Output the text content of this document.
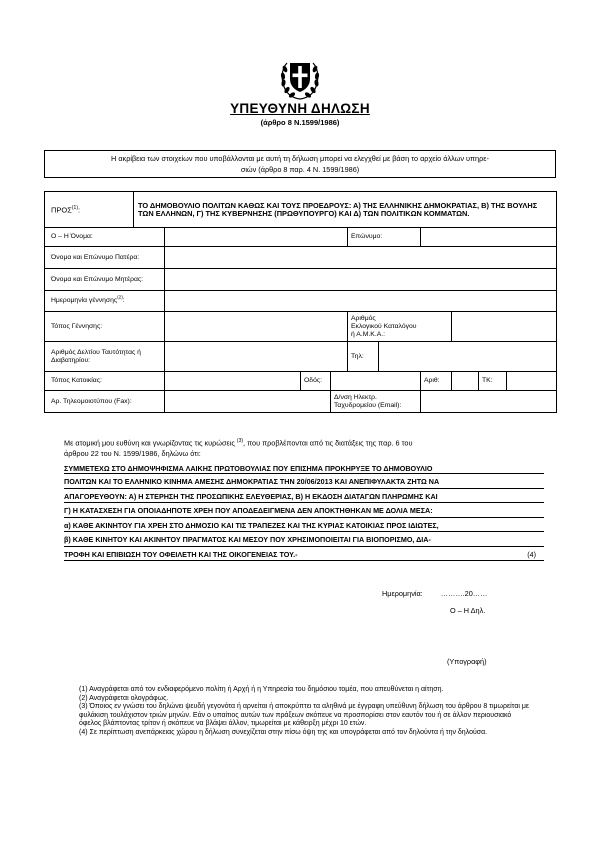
ΥΠΕΥΘΥΝΗ ΔΗΛΩΣΗ
(άρθρο 8 Ν.1599/1986)
Η ακρίβεια των στοιχείων που υποβάλλονται με αυτή τη δήλωση μπορεί να ελεγχθεί με βάση το αρχείο άλλων υπηρε-
σιών (άρθρο 8 παρ. 4 Ν. 1599/1986)
ΠΡΟΣ$^{(1)}$:	ΤΟ ΔΗΜΟΒΟΥΛΙΟ ΠΟΛΙΤΩΝ ΚΑΘΩΣ ΚΑΙ ΤΟΥΣ ΠΡΟΕΔΡΟΥΣ: Α) ΤΗΣ ΕΛΛΗΝΙΚΗΣ ΔΗΜΟΚΡΑΤΙΑΣ, Β) ΤΗΣ ΒΟΥΛΗΣ ΤΩΝ ΕΛΛΗΝΩΝ, Γ) ΤΗΣ ΚΥΒΕΡΝΗΣΗΣ (ΠΡΩΘΥΠΟΥΡΓΟ) ΚΑΙ Δ) ΤΩΝ ΠΟΛΙΤΙΚΩΝ ΚΟΜΜΑΤΩΝ.									
Ο – Η Όνομα:					Επώνυμο:					
Όνομα και Επώνυμο Πατέρα:										
Όνομα και Επώνυμο Μητέρας:										
Ημερομηνία γέννησης$^{(2)}$:										
Τόπος Γέννησης:					Αριθμός
Εκλογικού Καταλόγου
ή Α.Μ.Κ.Α.:					

Αριθμός Δελτίου Ταυτότητας ή
Διαβατηρίου:					Τηλ:					
Τόπος Κατοικίας:			Οδός:				Αριθ:		ΤΚ:	
Αρ. Τηλεομοιοτύπου (Fax):				Δ/νση Ηλεκτρ.
Ταχυδρομείου (Email):						

Με ατομική μου ευθύνη και γνωρίζοντας τις κυρώσεις $^{(3)}$, που προβλέπονται από τις διατάξεις της παρ. 6 του
άρθρου 22 του Ν. 1599/1986, δηλώνω ότι:
ΣΥΜΜΕΤΕΧΩ ΣΤΟ ΔΗΜΟΨΗΦΙΣΜΑ ΛΑΙΚΗΣ ΠΡΩΤΟΒΟΥΛΙΑΣ ΠΟΥ ΕΠΙΣΗΜΑ ΠΡΟΚΗΡΥΞΕ ΤΟ ΔΗΜΟΒΟΥΛΙΟ
ΠΟΛΙΤΩΝ ΚΑΙ ΤΟ ΕΛΛΗΝΙΚΟ ΚΙΝΗΜΑ ΑΜΕΣΗΣ ΔΗΜΟΚΡΑΤΙΑΣ ΤΗΝ 20/06/2013 ΚΑΙ ΑΝΕΠΙΦΥΛΑΚΤΑ ΖΗΤΩ ΝΑ
ΑΠΑΓΟΡΕΥΘΟΥΝ: Α) Η ΣΤΕΡΗΣΗ ΤΗΣ ΠΡΟΣΩΠΙΚΗΣ ΕΛΕΥΘΕΡΙΑΣ, Β) Η ΕΚΔΟΣΗ ΔΙΑΤΑΓΩΝ ΠΛΗΡΩΜΗΣ ΚΑΙ
Γ) Η ΚΑΤΑΣΧΕΣΗ ΓΙΑ ΟΠΟΙΑΔΗΠΟΤΕ ΧΡΕΗ ΠΟΥ ΑΠΟΔΕΔΕΙΓΜΕΝΑ ΔΕΝ ΑΠΟΚΤΗΘΗΚΑΝ ΜΕ ΔΟΛΙΑ ΜΕΣΑ:
α) ΚΑΘΕ ΑΚΙΝΗΤΟΥ ΓΙΑ ΧΡΕΗ ΣΤΟ ΔΗΜΟΣΙΟ ΚΑΙ ΤΙΣ ΤΡΑΠΕΖΕΣ ΚΑΙ ΤΗΣ ΚΥΡΙΑΣ ΚΑΤΟΙΚΙΑΣ ΠΡΟΣ ΙΔΙΩΤΕΣ,
β) ΚΑΘΕ ΚΙΝΗΤΟΥ ΚΑΙ ΑΚΙΝΗΤΟΥ ΠΡΑΓΜΑΤΟΣ ΚΑΙ ΜΕΣΟΥ ΠΟΥ ΧΡΗΣΙΜΟΠΟΙΕΙΤΑΙ ΓΙΑ ΒΙΟΠΟΡΙΣΜΟ, ΔΙΑ-
ΤΡΟΦΗ ΚΑΙ ΕΠΙΒΙΩΣΗ ΤΟΥ ΟΦΕΙΛΕΤΗ ΚΑΙ ΤΗΣ ΟΙΚΟΓΕΝΕΙΑΣ ΤΟΥ.-	(4)
Ημερομηνία: ……….20……
Ο – Η Δηλ.
(Υπογραφή)

(1) Αναγράφεται από τον ενδιαφερόμενο πολίτη ή Αρχή ή η Υπηρεσία του δημόσιου τομέα, που απευθύνεται η αίτηση.

(2) Αναγράφεται ολογράφως.

(3) Όποιος εν γνώσει του δηλώνει ψευδή γεγονότα ή αρνείται ή αποκρύπτει τα αληθινά με έγγραφη υπεύθυνη δήλωση του άρθρου 8 τιμωρείται με φυλάκιση τουλάχιστον τριών μηνών. Εάν ο υπαίτιος αυτών των πράξεων σκόπευε να προσπορίσει στον εαυτόν του ή σε άλλον περιουσιακό όφελος βλάπτοντας τρίτον ή σκόπευε να βλάψει άλλον, τιμωρείται με κάθειρξη μέχρι 10 ετών.

(4) Σε περίπτωση ανεπάρκειας χώρου η δήλωση συνεχίζεται στην πίσω όψη της και υπογράφεται από τον δηλούντα ή την δηλούσα.
